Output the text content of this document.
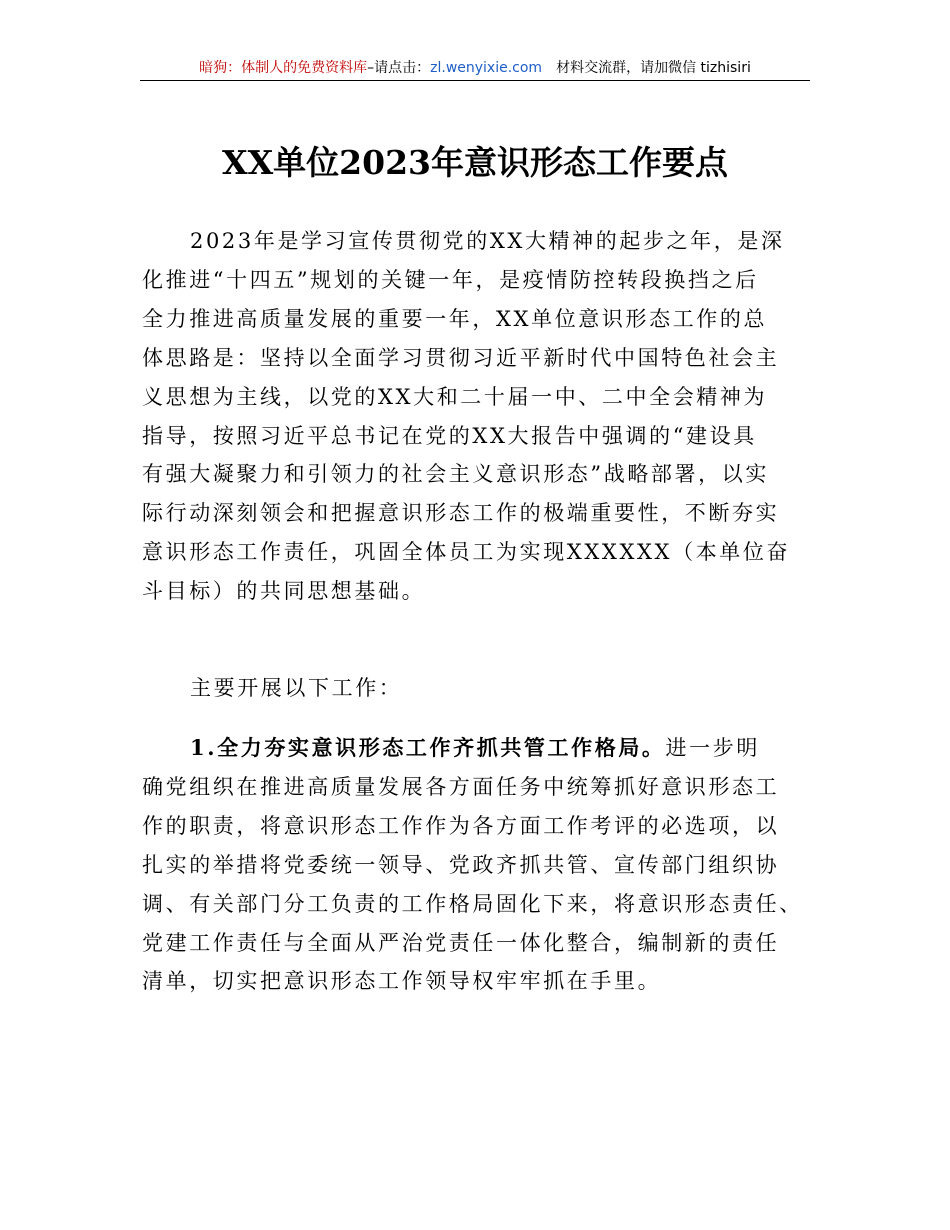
暗狗：体制人的免费资料库–请点击：zl.wenyixie.com 材料交流群，请加微信 tizhisiri
XX单位2023年意识形态工作要点
2023年是学习宣传贯彻党的XX大精神的起步之年，是深
化推进“十四五”规划的关键一年，是疫情防控转段换挡之后
全力推进高质量发展的重要一年，XX单位意识形态工作的总
体思路是：坚持以全面学习贯彻习近平新时代中国特色社会主
义思想为主线，以党的XX大和二十届一中、二中全会精神为
指导，按照习近平总书记在党的XX大报告中强调的“建设具
有强大凝聚力和引领力的社会主义意识形态”战略部署，以实
际行动深刻领会和把握意识形态工作的极端重要性，不断夯实
意识形态工作责任，巩固全体员工为实现XXXXXX（本单位奋
斗目标）的共同思想基础。
主要开展以下工作：
1.全力夯实意识形态工作齐抓共管工作格局。进一步明
确党组织在推进高质量发展各方面任务中统筹抓好意识形态工
作的职责，将意识形态工作作为各方面工作考评的必选项，以
扎实的举措将党委统一领导、党政齐抓共管、宣传部门组织协
调、有关部门分工负责的工作格局固化下来，将意识形态责任、
党建工作责任与全面从严治党责任一体化整合，编制新的责任
清单，切实把意识形态工作领导权牢牢抓在手里。
